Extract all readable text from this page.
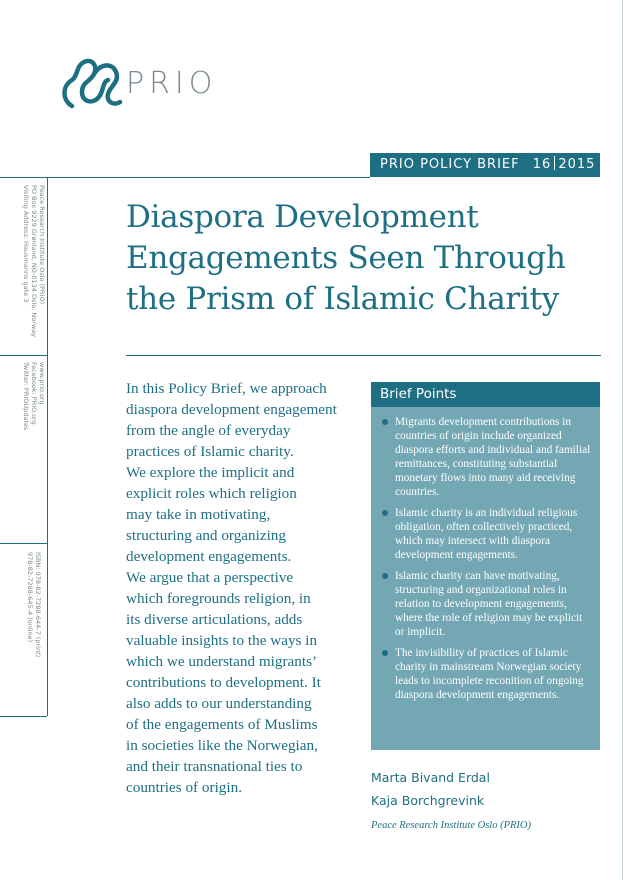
PRIO
Peace Research Institute Oslo (PRIO)
PO Box 9229 Grønland, NO-0134 Oslo, Norway
Visiting Address: Hausmanns gate 3
www.prio.org
Facebook: PRIO.org
Twitter: PRIOUpdates
ISBN: 978-82-7288-644-7 (print)
978-82-7288-645-4 (online)
PRIO POLICY BRIEF 16 2015
Diaspora Development
Engagements Seen Through
the Prism of Islamic Charity
In this Policy Brief, we approach
diaspora development engagement
from the angle of everyday
practices of Islamic charity.
We explore the implicit and
explicit roles which religion
may take in motivating,
structuring and organizing
development engagements.
We argue that a perspective
which foregrounds religion, in
its diverse articulations, adds
valuable insights to the ways in
which we understand migrants’
contributions to development. It
also adds to our understanding
of the engagements of Muslims
in societies like the Norwegian,
and their transnational ties to
countries of origin.
Brief Points
Migrants development contributions in countries of origin include organized diaspora efforts and individual and familial remittances, constituting substantial monetary flows into many aid receiving countries.
Islamic charity is an individual religious obligation, often collectively practiced, which may intersect with diaspora development engagements.
Islamic charity can have motivating, structuring and organizational roles in relation to development engagements, where the role of religion may be explicit or implicit.
The invisibility of practices of Islamic charity in mainstream Norwegian society leads to incomplete reconition of ongoing diaspora development engagements.
Marta Bivand Erdal
Kaja Borchgrevink
Peace Research Institute Oslo (PRIO)
